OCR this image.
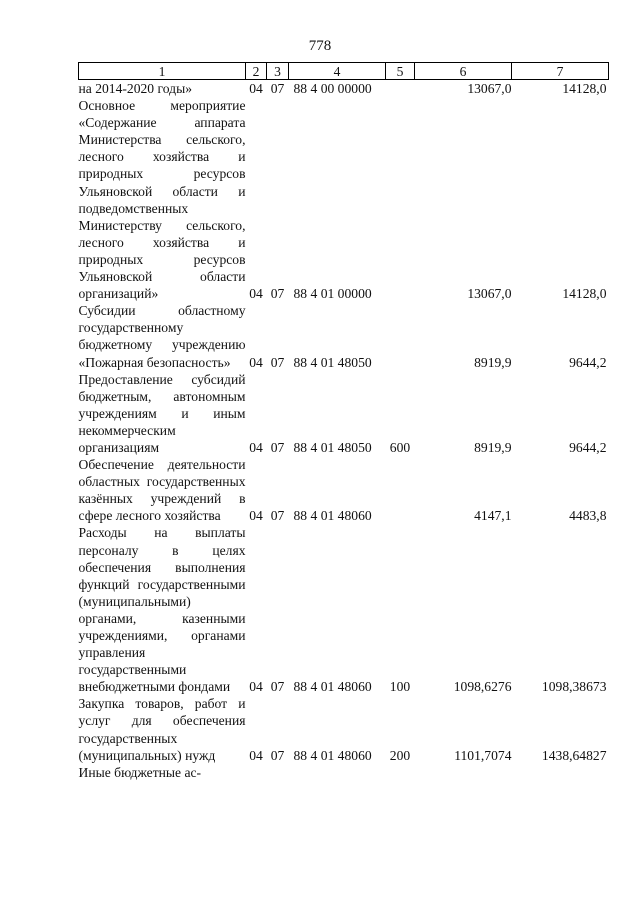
778
1	2	3	4	5	6	7
на 2014-2020 годы»	04	07	88 4 00 00000		13067,0	14128,0
Основное мероприятие «Содержание аппарата Министерства сельского, лесного хозяйства и природных ресурсов Ульяновской области и подведомственных Министерству сельского, лесного хозяйства и природных ресурсов Ульяновской области организаций»	04	07	88 4 01 00000		13067,0	14128,0
Субсидии областному государственному бюджетному учреждению «Пожарная безопасность»	04	07	88 4 01 48050		8919,9	9644,2
Предоставление субсидий бюджетным, автономным учреждениям и иным некоммерческим организациям	04	07	88 4 01 48050	600	8919,9	9644,2
Обеспечение деятельности областных государственных казённых учреждений в сфере лесного хозяйства	04	07	88 4 01 48060		4147,1	4483,8
Расходы на выплаты персоналу в целях обеспечения выполнения функций государственными (муниципальными) органами, казенными учреждениями, органами управления государственными внебюджетными фондами	04	07	88 4 01 48060	100	1098,6276	1098,38673
Закупка товаров, работ и услуг для обеспечения государственных (муниципальных) нужд	04	07	88 4 01 48060	200	1101,7074	1438,64827
Иные бюджетные ас-						
